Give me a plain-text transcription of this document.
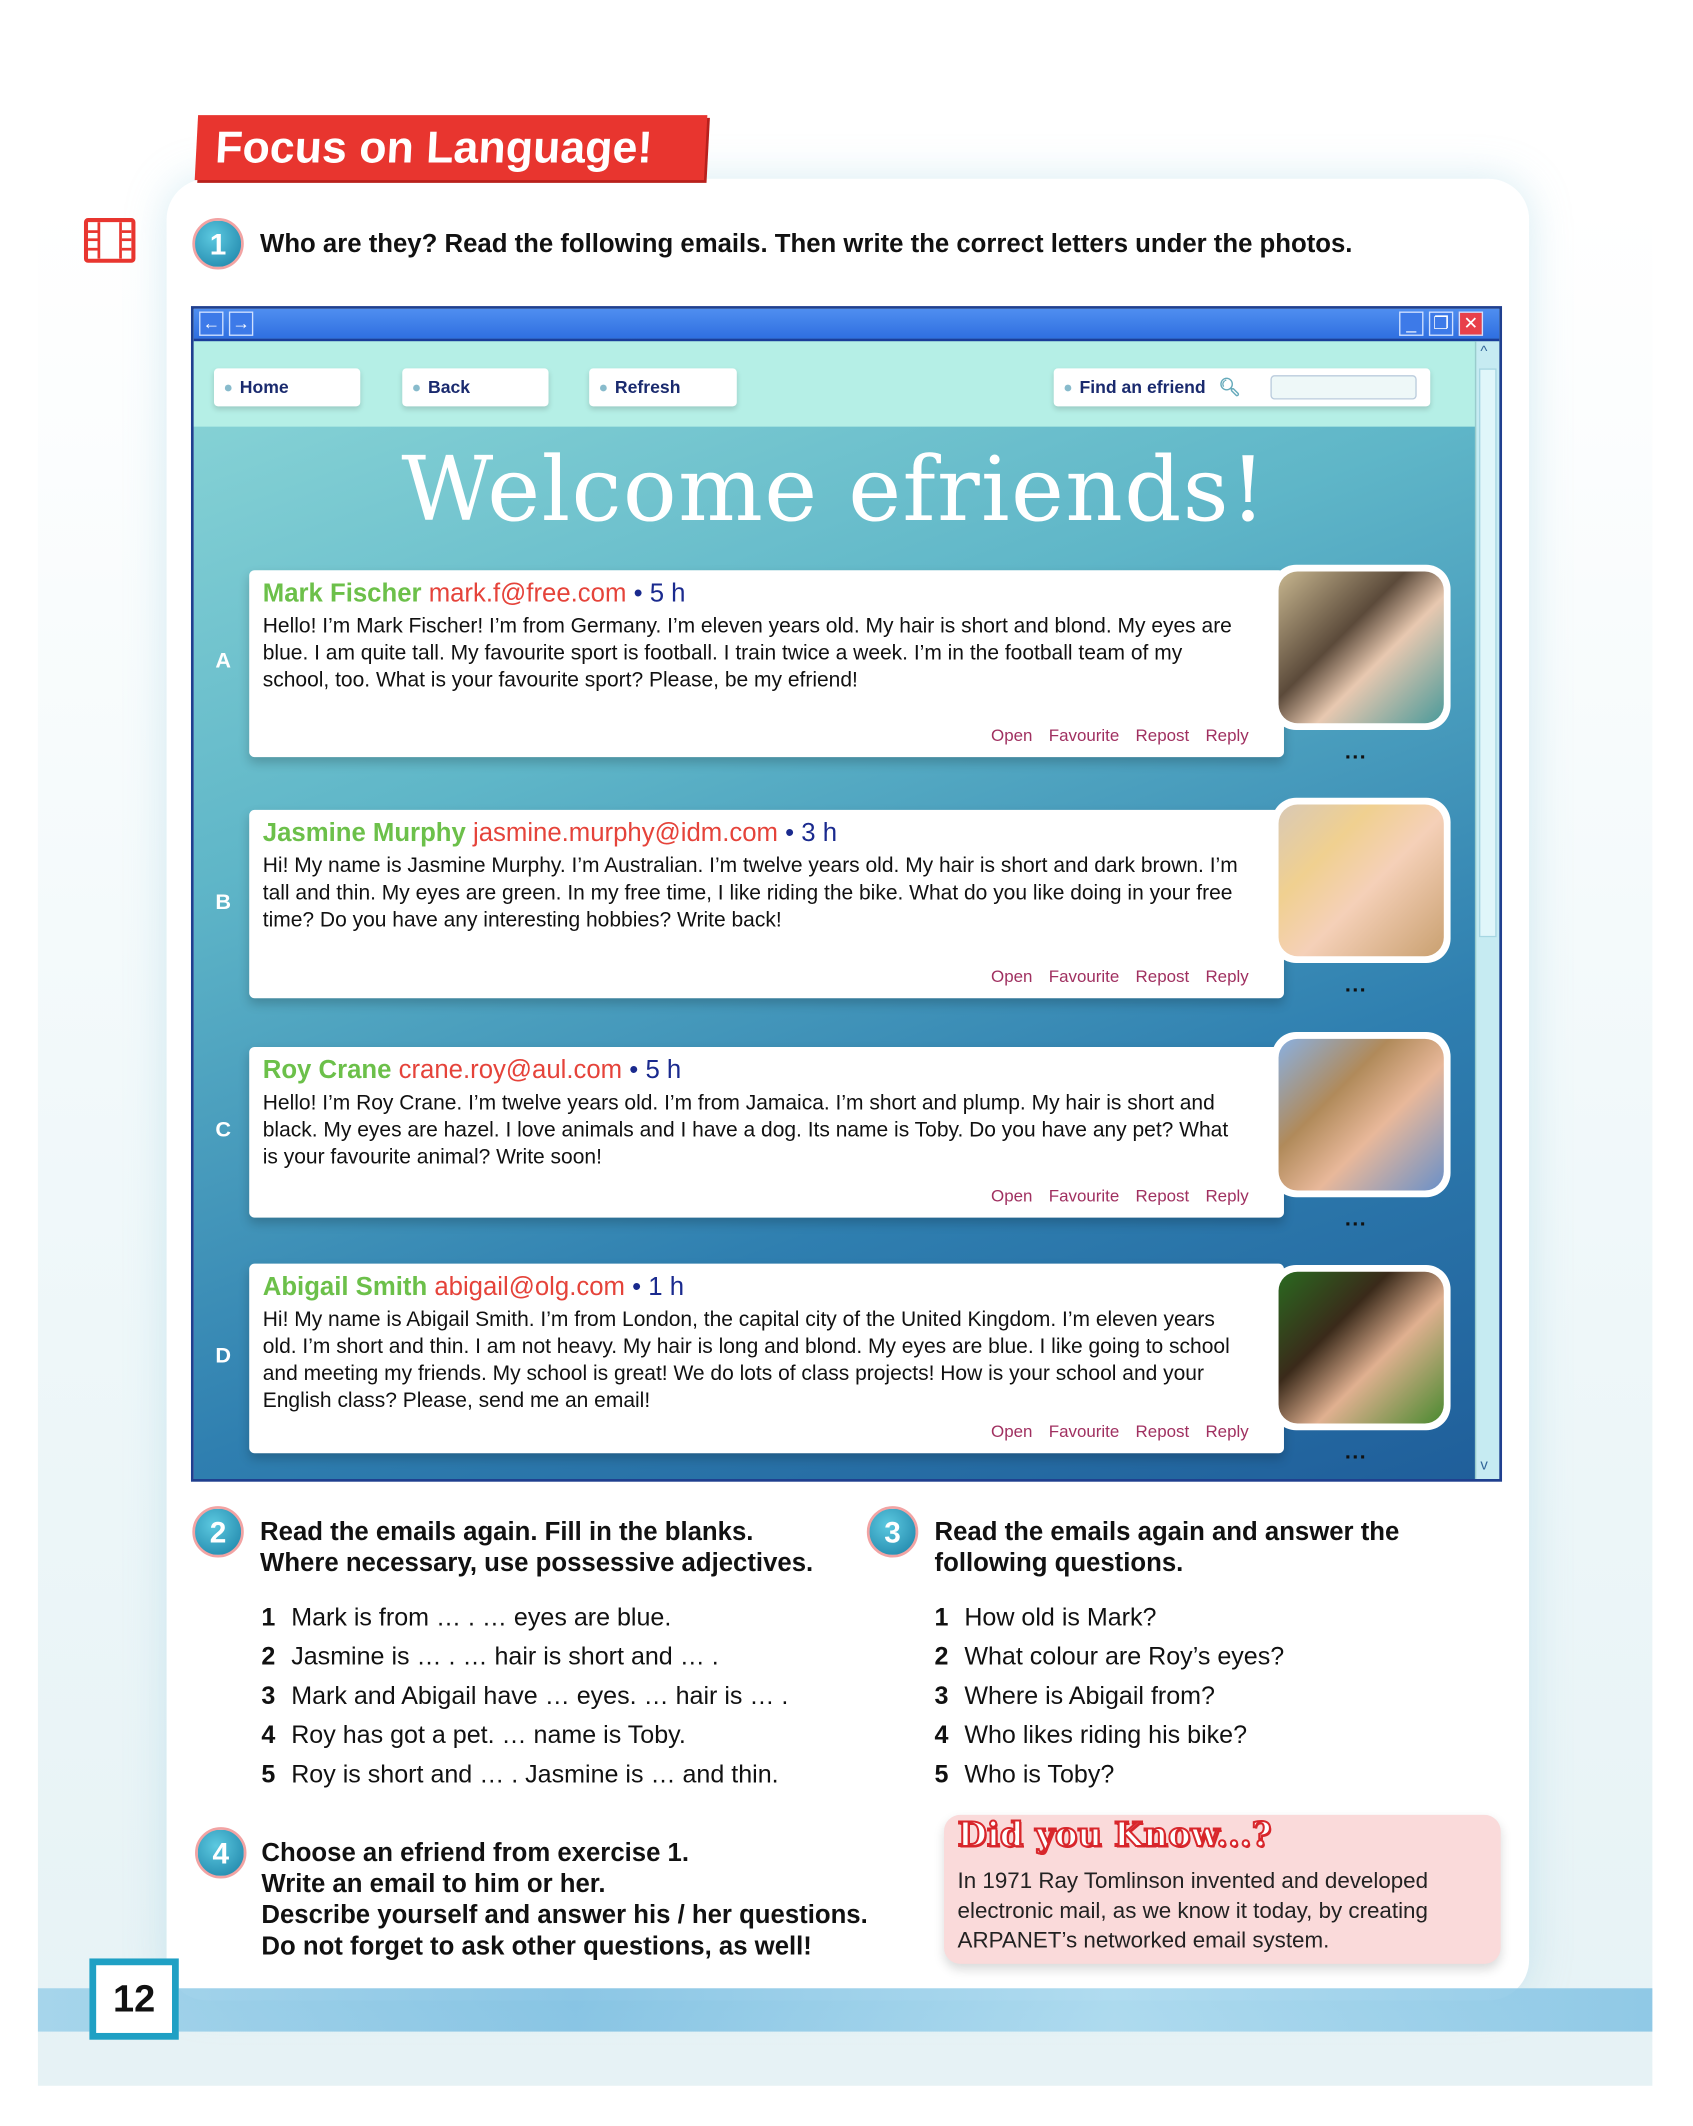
Focus on Language!
1	Who are they? Read the following emails. Then write the correct letters under the photos.
← →	_	❐	✕
Home	Back	Refresh	Find an efriend 🔍︎
Welcome efriends!
^
v
A
Mark Fischer mark.f@free.com • 5 h
Hello! I’m Mark Fischer! I’m from Germany. I’m eleven years old. My hair is short and blond. My eyes are blue. I am quite tall. My favourite sport is football. I train twice a week. I’m in the football team of my school, too. What is your favourite sport? Please, be my efriend!
Open Favourite Repost Reply
...
B
Jasmine Murphy jasmine.murphy@idm.com • 3 h
Hi! My name is Jasmine Murphy. I’m Australian. I’m twelve years old. My hair is short and dark brown. I’m tall and thin. My eyes are green. In my free time, I like riding the bike. What do you like doing in your free time? Do you have any interesting hobbies? Write back!
Open Favourite Repost Reply	...
C
Roy Crane crane.roy@aul.com • 5 h
Hello! I’m Roy Crane. I’m twelve years old. I’m from Jamaica. I’m short and plump. My hair is short and black. My eyes are hazel. I love animals and I have a dog. Its name is Toby. Do you have any pet? What is your favourite animal? Write soon!
Open Favourite Repost Reply
...
D
Abigail Smith abigail@olg.com • 1 h
Hi! My name is Abigail Smith. I’m from London, the capital city of the United Kingdom. I’m eleven years old. I’m short and thin. I am not heavy. My hair is long and blond. My eyes are blue. I like going to school and meeting my friends. My school is great! We do lots of class projects! How is your school and your English class? Please, send me an email!
Open Favourite Repost Reply
...
2	Read the emails again. Fill in the blanks.
Where necessary, use possessive adjectives.
1 Mark is from … . … eyes are blue.
2 Jasmine is … . … hair is short and … .
3 Mark and Abigail have … eyes. … hair is … .
4 Roy has got a pet. … name is Toby.
5 Roy is short and … . Jasmine is … and thin.
3	Read the emails again and answer the
following questions.
1 How old is Mark?
2 What colour are Roy’s eyes?
3 Where is Abigail from?
4 Who likes riding his bike?
5 Who is Toby?
4	Choose an efriend from exercise 1.
Write an email to him or her.
Describe yourself and answer his / her questions.
Do not forget to ask other questions, as well!
Did you Know...?
In 1971 Ray Tomlinson invented and developed electronic mail, as we know it today, by creating ARPANET’s networked email system.
12
